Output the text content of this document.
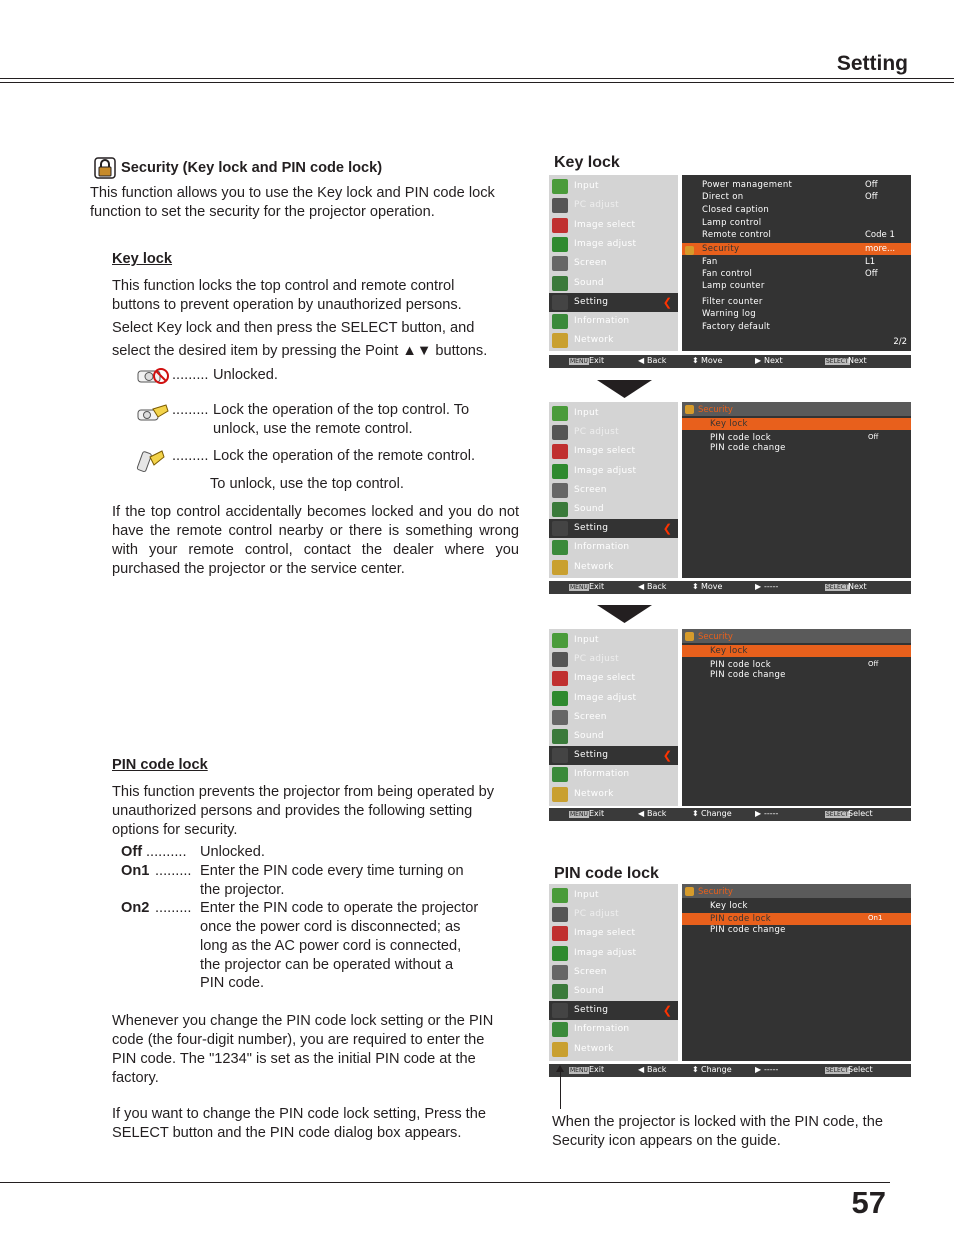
Setting
Security (Key lock and PIN code lock)
This function allows you to use the Key lock and PIN code lock function to set the security for the projector operation.
Key lock
This function locks the top control and remote control buttons to prevent operation by unauthorized persons.
Select Key lock and then press the SELECT button, and
select the desired item by pressing the Point ▲▼ buttons.
......... Unlocked.
......... Lock the operation of the top control. To
unlock, use the remote control.
......... Lock the operation of the remote control.
To unlock, use the top control.
If the top control accidentally becomes locked and you do not have the remote control nearby or there is something wrong with your remote control, contact the dealer where you purchased the projector or the service center.
PIN code lock
This function prevents the projector from being operated by unauthorized persons and provides the following setting options for security.
Off .......... Unlocked.
On1 ......... Enter the PIN code every time turning on
the projector.
On2 ......... Enter the PIN code to operate the projector
once the power cord is disconnected; as
long as the AC power cord is connected,
the projector can be operated without a
PIN code.
Whenever you change the PIN code lock setting or the PIN code (the four-digit number), you are required to enter the PIN code. The "1234" is set as the initial PIN code at the factory.
If you want to change the PIN code lock setting, Press the SELECT button and the PIN code dialog box appears.
Key lock
Input
PC adjust
Image select
Image adjust
Screen
Sound
Setting	❮
Information
Network
Power management	Off
Direct on	Off
Closed caption
Lamp control
Remote control	Code 1
Security	more...
Fan	L1
Fan control	Off
Lamp counter
Filter counter
Warning log
Factory default
2/2
MENU	SELECT
Exit	◀ Back	⬍ Move	▶ Next	Next
Input
PC adjust
Image select
Image adjust
Screen
Sound
Setting	❮
Information
Network
Security
Key lock
PIN code lock	Off
PIN code change
MENU	SELECT
Exit	◀ Back	⬍ Move	▶ -----	Next
Input
PC adjust
Image select
Image adjust
Screen
Sound
Setting	❮
Information
Network
Security
Key lock
PIN code lock	Off
PIN code change
MENU	SELECT
Exit	◀ Back	⬍ Change	▶ -----	Select
PIN code lock
Input
PC adjust
Image select
Image adjust
Screen
Sound
Setting	❮
Information
Network
Security
Key lock
PIN code lock	On1
PIN code change
MENU	SELECT
Exit	◀ Back	⬍ Change	▶ -----	Select
When the projector is locked with the PIN code, the Security icon appears on the guide.
57
